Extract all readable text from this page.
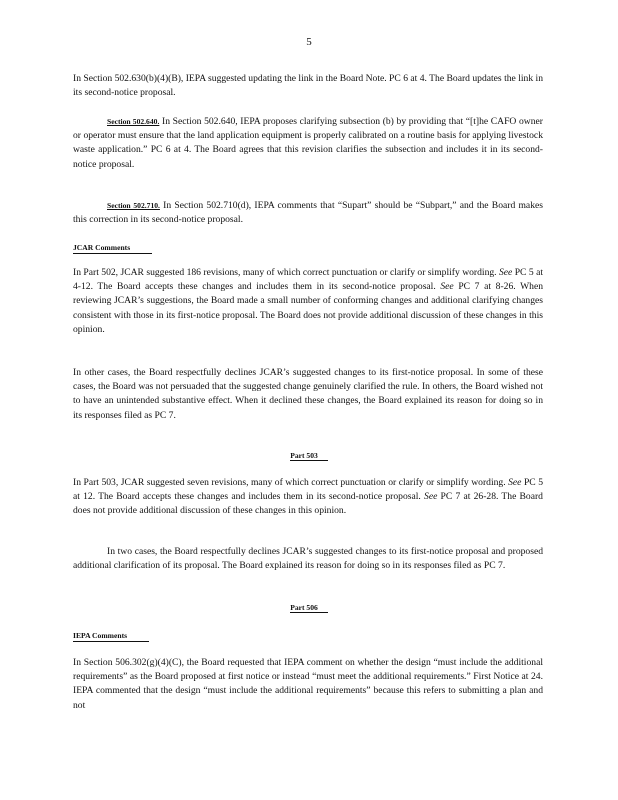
5

In Section 502.630(b)(4)(B), IEPA suggested updating the link in the Board Note. PC 6 at 4. The Board updates the link in its second-notice proposal.

Section 502.640. In Section 502.640, IEPA proposes clarifying subsection (b) by providing that “[t]he CAFO owner or operator must ensure that the land application equipment is properly calibrated on a routine basis for applying livestock waste application.” PC 6 at 4. The Board agrees that this revision clarifies the subsection and includes it in its second-notice proposal.

Section 502.710. In Section 502.710(d), IEPA comments that “Supart” should be “Subpart,” and the Board makes this correction in its second-notice proposal.

JCAR Comments

In Part 502, JCAR suggested 186 revisions, many of which correct punctuation or clarify or simplify wording. See PC 5 at 4-12. The Board accepts these changes and includes them in its second-notice proposal. See PC 7 at 8-26. When reviewing JCAR’s suggestions, the Board made a small number of conforming changes and additional clarifying changes consistent with those in its first-notice proposal. The Board does not provide additional discussion of these changes in this opinion.

In other cases, the Board respectfully declines JCAR’s suggested changes to its first-notice proposal. In some of these cases, the Board was not persuaded that the suggested change genuinely clarified the rule. In others, the Board wished not to have an unintended substantive effect. When it declined these changes, the Board explained its reason for doing so in its responses filed as PC 7.

Part 503

In Part 503, JCAR suggested seven revisions, many of which correct punctuation or clarify or simplify wording. See PC 5 at 12. The Board accepts these changes and includes them in its second-notice proposal. See PC 7 at 26-28. The Board does not provide additional discussion of these changes in this opinion.

In two cases, the Board respectfully declines JCAR’s suggested changes to its first-notice proposal and proposed additional clarification of its proposal. The Board explained its reason for doing so in its responses filed as PC 7.

Part 506
IEPA Comments

In Section 506.302(g)(4)(C), the Board requested that IEPA comment on whether the design “must include the additional requirements” as the Board proposed at first notice or instead “must meet the additional requirements.” First Notice at 24. IEPA commented that the design “must include the additional requirements” because this refers to submitting a plan and not
